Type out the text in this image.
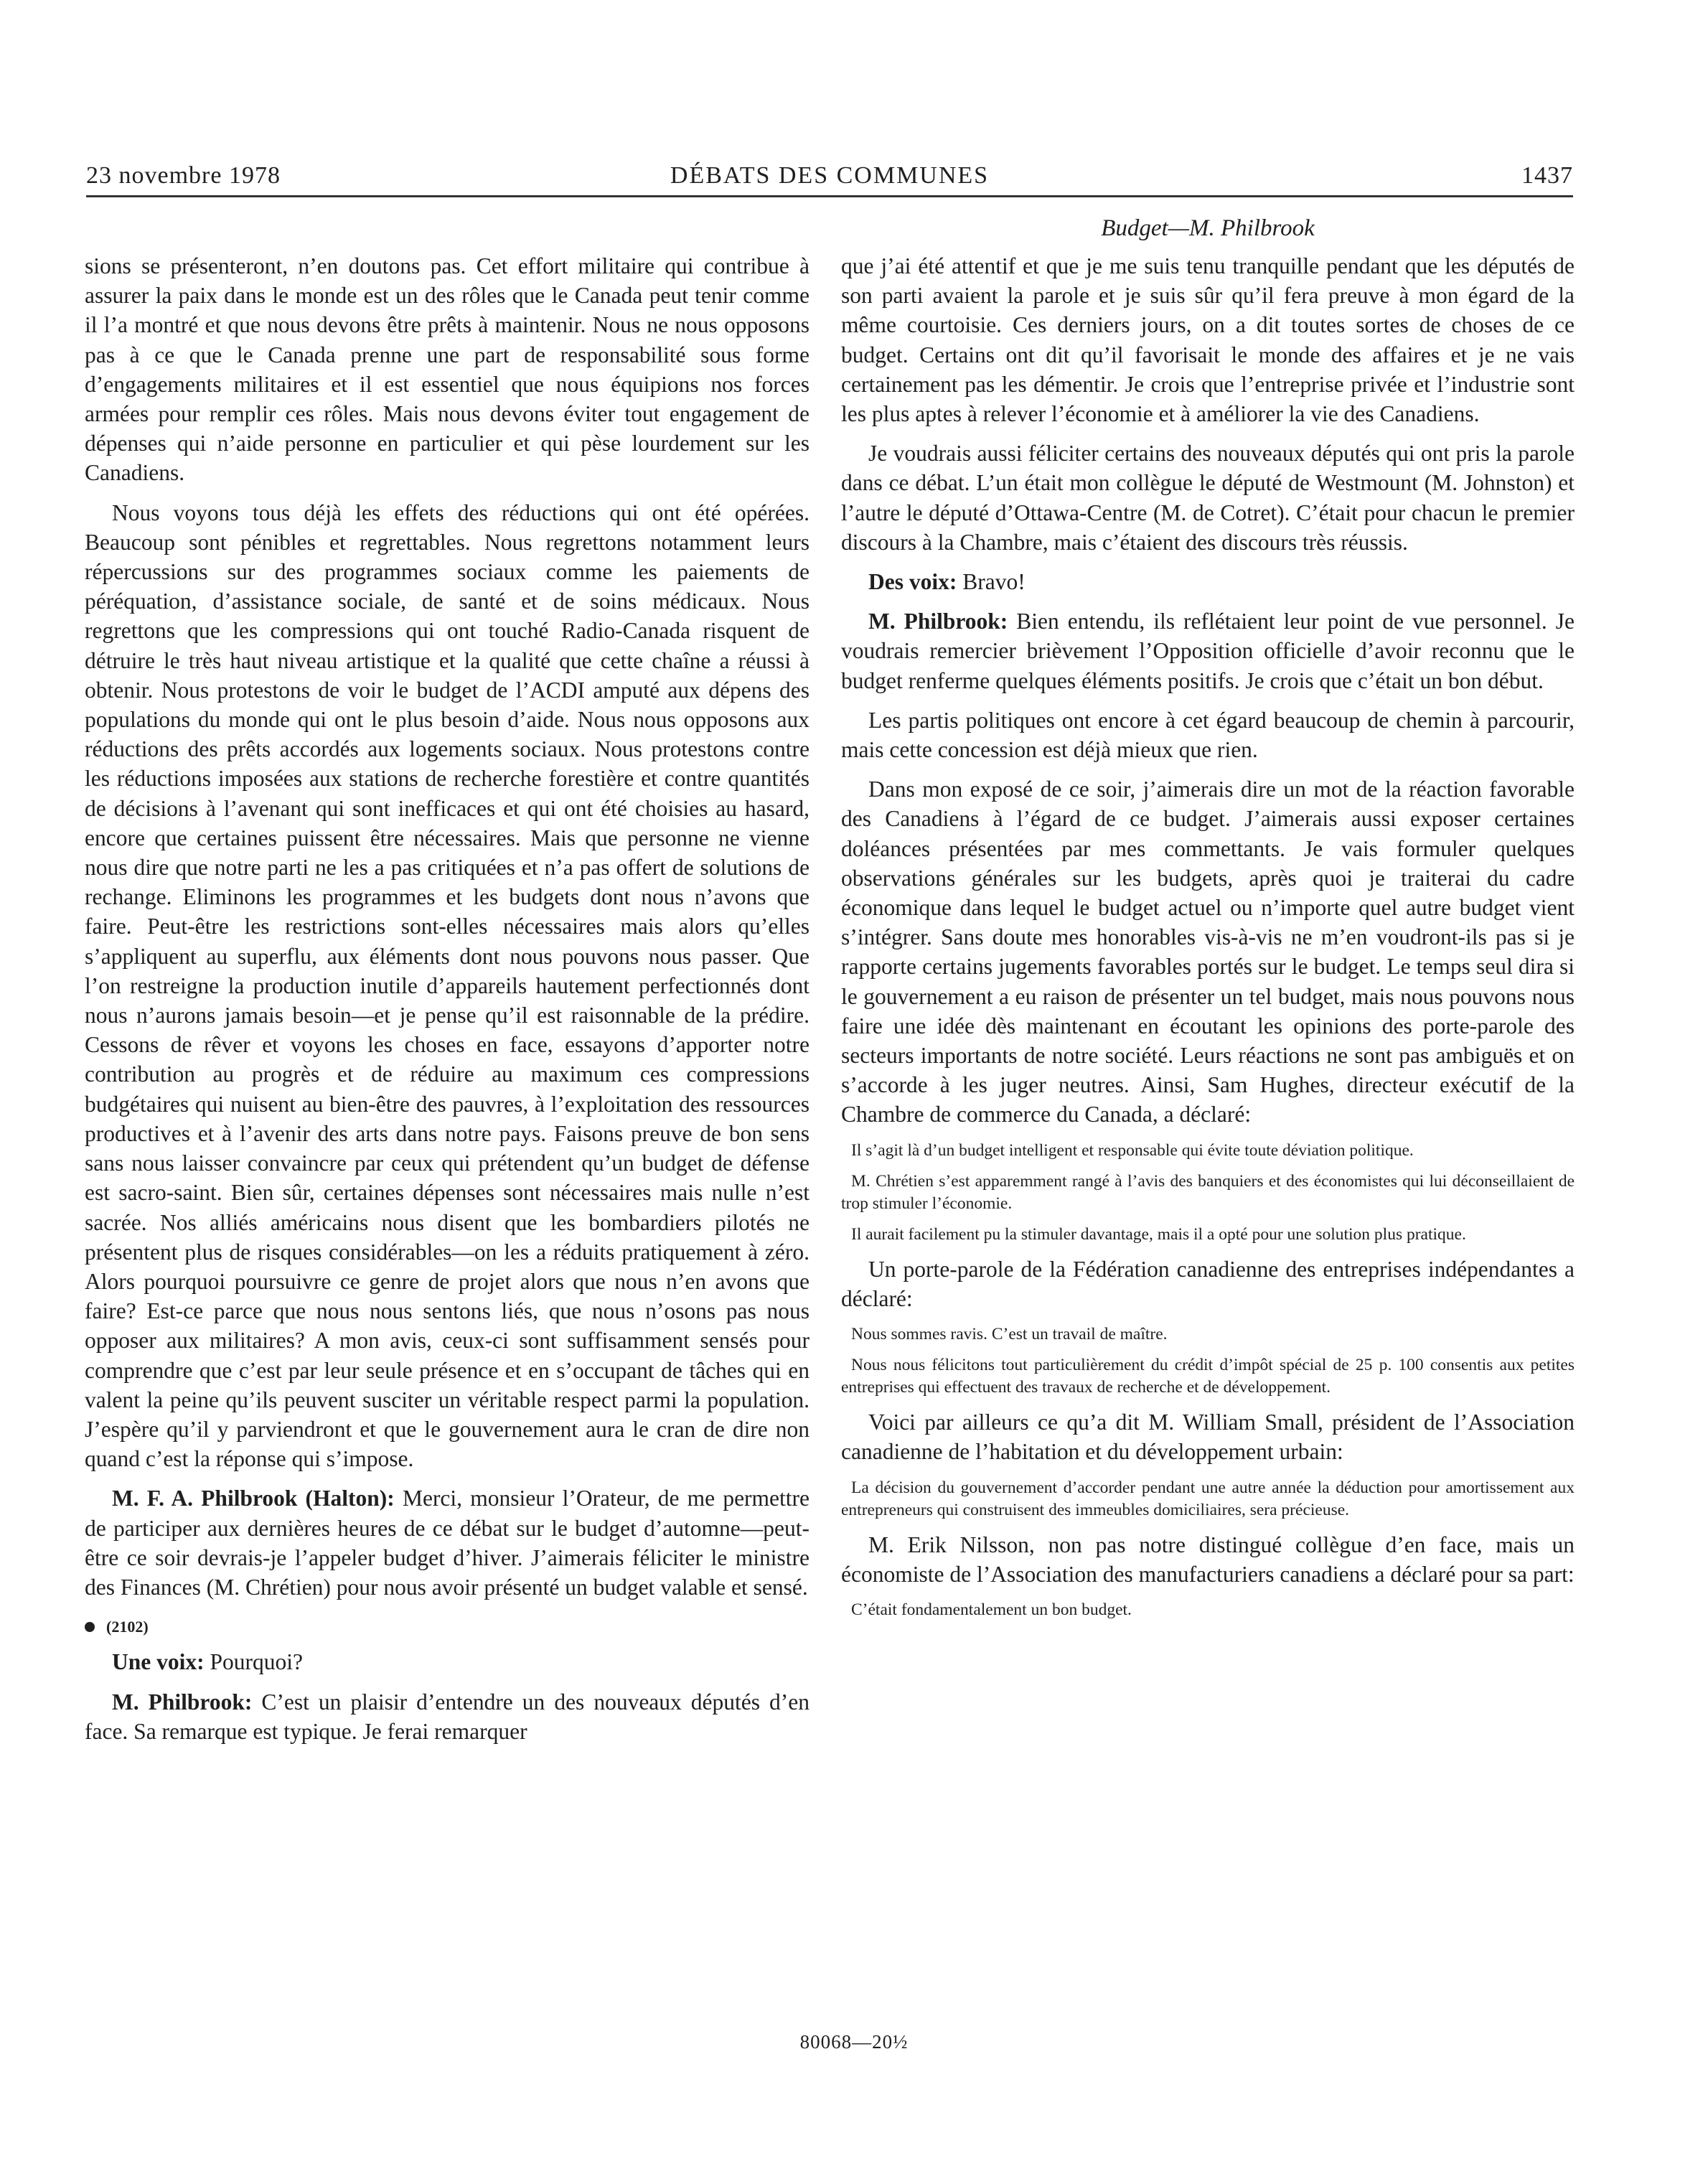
23 novembre 1978	DÉBATS DES COMMUNES	1437
Budget—M. Philbrook

sions se présenteront, n’en doutons pas. Cet effort militaire qui contribue à assurer la paix dans le monde est un des rôles que le Canada peut tenir comme il l’a montré et que nous devons être prêts à maintenir. Nous ne nous opposons pas à ce que le Canada prenne une part de responsabilité sous forme d’engagements militaires et il est essentiel que nous équipions nos forces armées pour remplir ces rôles. Mais nous devons éviter tout engagement de dépenses qui n’aide personne en particulier et qui pèse lourdement sur les Canadiens.

Nous voyons tous déjà les effets des réductions qui ont été opérées. Beaucoup sont pénibles et regrettables. Nous regrettons notamment leurs répercussions sur des programmes sociaux comme les paiements de péréquation, d’assistance sociale, de santé et de soins médicaux. Nous regrettons que les compressions qui ont touché Radio-Canada risquent de détruire le très haut niveau artistique et la qualité que cette chaîne a réussi à obtenir. Nous protestons de voir le budget de l’ACDI amputé aux dépens des populations du monde qui ont le plus besoin d’aide. Nous nous opposons aux réductions des prêts accordés aux logements sociaux. Nous protestons contre les réductions imposées aux stations de recherche forestière et contre quantités de décisions à l’avenant qui sont inefficaces et qui ont été choisies au hasard, encore que certaines puissent être nécessaires. Mais que personne ne vienne nous dire que notre parti ne les a pas critiquées et n’a pas offert de solutions de rechange. Eliminons les programmes et les budgets dont nous n’avons que faire. Peut-être les restrictions sont-elles nécessaires mais alors qu’elles s’appliquent au superflu, aux éléments dont nous pouvons nous passer. Que l’on restreigne la production inutile d’appareils hautement perfectionnés dont nous n’aurons jamais besoin—et je pense qu’il est raisonnable de la prédire. Cessons de rêver et voyons les choses en face, essayons d’apporter notre contribution au progrès et de réduire au maximum ces compressions budgétaires qui nuisent au bien-être des pauvres, à l’exploitation des ressources productives et à l’avenir des arts dans notre pays. Faisons preuve de bon sens sans nous laisser convaincre par ceux qui prétendent qu’un budget de défense est sacro-saint. Bien sûr, certaines dépenses sont nécessaires mais nulle n’est sacrée. Nos alliés américains nous disent que les bombardiers pilotés ne présentent plus de risques considérables—on les a réduits pratiquement à zéro. Alors pourquoi poursuivre ce genre de projet alors que nous n’en avons que faire? Est-ce parce que nous nous sentons liés, que nous n’osons pas nous opposer aux militaires? A mon avis, ceux-ci sont suffisamment sensés pour comprendre que c’est par leur seule présence et en s’occupant de tâches qui en valent la peine qu’ils peuvent susciter un véritable respect parmi la population. J’espère qu’il y parviendront et que le gouvernement aura le cran de dire non quand c’est la réponse qui s’impose.

M. F. A. Philbrook (Halton): Merci, monsieur l’Orateur, de me permettre de participer aux dernières heures de ce débat sur le budget d’automne—peut-être ce soir devrais-je l’appeler budget d’hiver. J’aimerais féliciter le ministre des Finances (M. Chrétien) pour nous avoir présenté un budget valable et sensé.

(2102)

Une voix: Pourquoi?

M. Philbrook: C’est un plaisir d’entendre un des nouveaux députés d’en face. Sa remarque est typique. Je ferai remarquer

que j’ai été attentif et que je me suis tenu tranquille pendant que les députés de son parti avaient la parole et je suis sûr qu’il fera preuve à mon égard de la même courtoisie. Ces derniers jours, on a dit toutes sortes de choses de ce budget. Certains ont dit qu’il favorisait le monde des affaires et je ne vais certainement pas les démentir. Je crois que l’entreprise privée et l’industrie sont les plus aptes à relever l’économie et à améliorer la vie des Canadiens.

Je voudrais aussi féliciter certains des nouveaux députés qui ont pris la parole dans ce débat. L’un était mon collègue le député de Westmount (M. Johnston) et l’autre le député d’Ottawa-Centre (M. de Cotret). C’était pour chacun le premier discours à la Chambre, mais c’étaient des discours très réussis.

Des voix: Bravo!

M. Philbrook: Bien entendu, ils reflétaient leur point de vue personnel. Je voudrais remercier brièvement l’Opposition officielle d’avoir reconnu que le budget renferme quelques éléments positifs. Je crois que c’était un bon début.

Les partis politiques ont encore à cet égard beaucoup de chemin à parcourir, mais cette concession est déjà mieux que rien.

Dans mon exposé de ce soir, j’aimerais dire un mot de la réaction favorable des Canadiens à l’égard de ce budget. J’aimerais aussi exposer certaines doléances présentées par mes commettants. Je vais formuler quelques observations générales sur les budgets, après quoi je traiterai du cadre économique dans lequel le budget actuel ou n’importe quel autre budget vient s’intégrer. Sans doute mes honorables vis-à-vis ne m’en voudront-ils pas si je rapporte certains jugements favorables portés sur le budget. Le temps seul dira si le gouvernement a eu raison de présenter un tel budget, mais nous pouvons nous faire une idée dès maintenant en écoutant les opinions des porte-parole des secteurs importants de notre société. Leurs réactions ne sont pas ambiguës et on s’accorde à les juger neutres. Ainsi, Sam Hughes, directeur exécutif de la Chambre de commerce du Canada, a déclaré:

Il s’agit là d’un budget intelligent et responsable qui évite toute déviation politique.
M. Chrétien s’est apparemment rangé à l’avis des banquiers et des économistes qui lui déconseillaient de trop stimuler l’économie.
Il aurait facilement pu la stimuler davantage, mais il a opté pour une solution plus pratique.

Un porte-parole de la Fédération canadienne des entreprises indépendantes a déclaré:

Nous sommes ravis. C’est un travail de maître.
Nous nous félicitons tout particulièrement du crédit d’impôt spécial de 25 p. 100 consentis aux petites entreprises qui effectuent des travaux de recherche et de développement.

Voici par ailleurs ce qu’a dit M. William Small, président de l’Association canadienne de l’habitation et du développement urbain:

La décision du gouvernement d’accorder pendant une autre année la déduction pour amortissement aux entrepreneurs qui construisent des immeubles domiciliaires, sera précieuse.

M. Erik Nilsson, non pas notre distingué collègue d’en face, mais un économiste de l’Association des manufacturiers canadiens a déclaré pour sa part:

C’était fondamentalement un bon budget.
80068—20½
